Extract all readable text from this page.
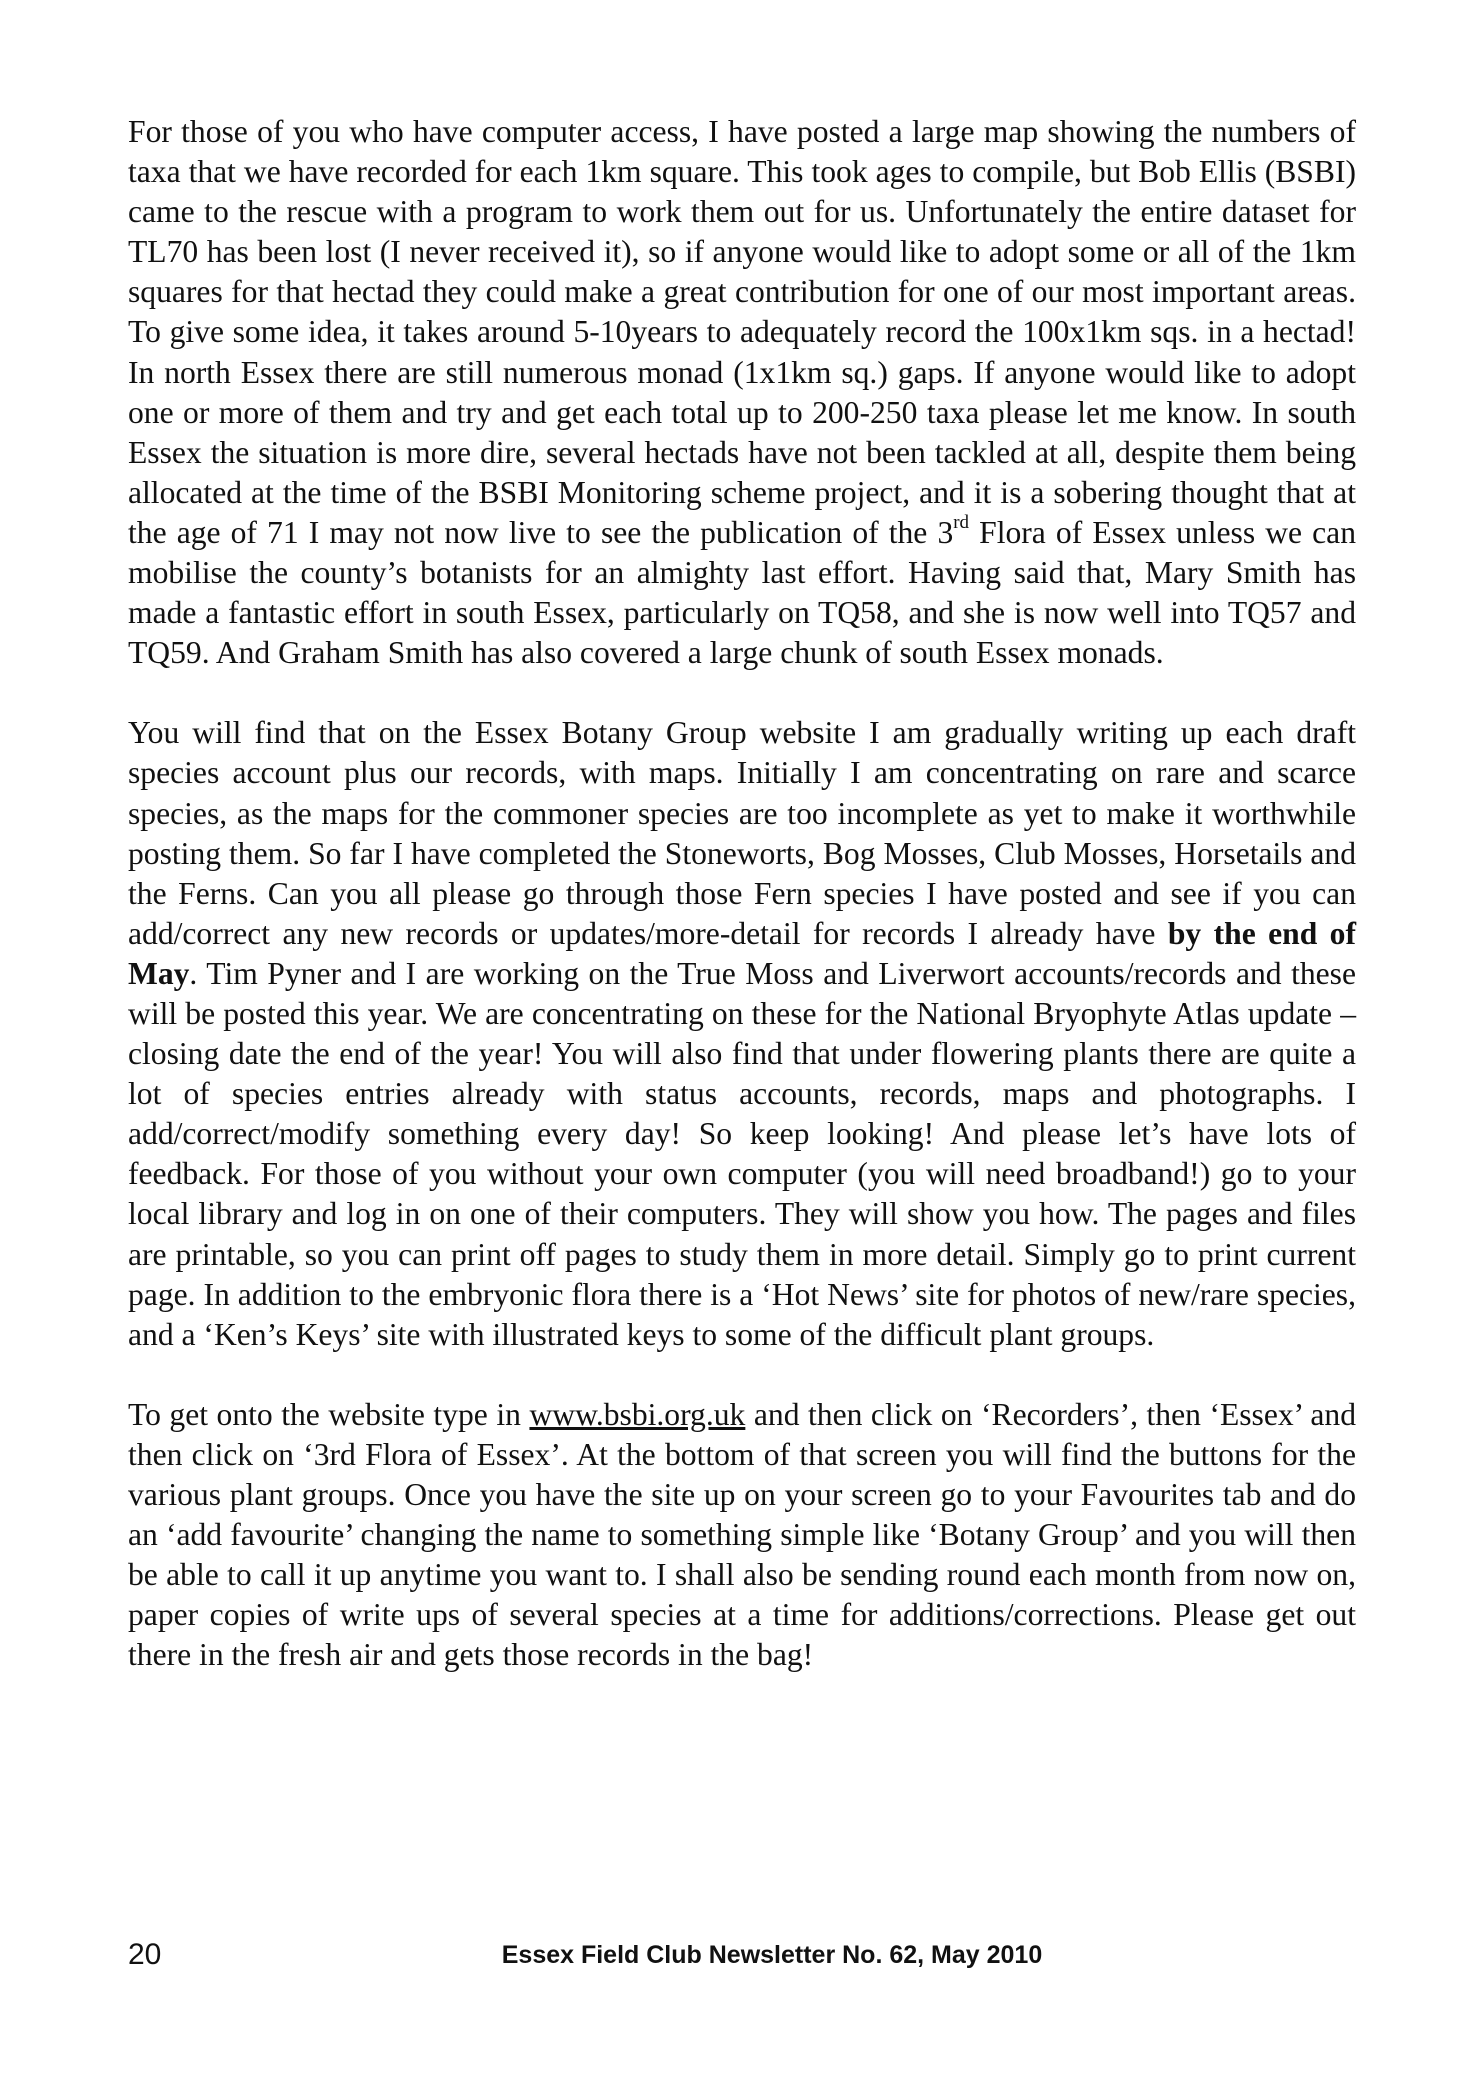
For those of you who have computer access, I have posted a large map showing the numbers of taxa that we have recorded for each 1km square. This took ages to compile, but Bob Ellis (BSBI) came to the rescue with a program to work them out for us. Unfortunately the entire dataset for TL70 has been lost (I never received it), so if anyone would like to adopt some or all of the 1km squares for that hectad they could make a great contribution for one of our most important areas. To give some idea, it takes around 5-10years to adequately record the 100x1km sqs. in a hectad! In north Essex there are still numerous monad (1x1km sq.) gaps. If anyone would like to adopt one or more of them and try and get each total up to 200-250 taxa please let me know. In south Essex the situation is more dire, several hectads have not been tackled at all, despite them being allocated at the time of the BSBI Monitoring scheme project, and it is a sobering thought that at the age of 71 I may not now live to see the publication of the 3rd Flora of Essex unless we can mobilise the county’s botanists for an almighty last effort. Having said that, Mary Smith has made a fantastic effort in south Essex, particularly on TQ58, and she is now well into TQ57 and TQ59. And Graham Smith has also covered a large chunk of south Essex monads.

You will find that on the Essex Botany Group website I am gradually writing up each draft species account plus our records, with maps. Initially I am concentrating on rare and scarce species, as the maps for the commoner species are too incomplete as yet to make it worthwhile posting them. So far I have completed the Stoneworts, Bog Mosses, Club Mosses, Horsetails and the Ferns. Can you all please go through those Fern species I have posted and see if you can add/correct any new records or updates/more-detail for records I already have by the end of May. Tim Pyner and I are working on the True Moss and Liverwort accounts/records and these will be posted this year. We are concentrating on these for the National Bryophyte Atlas update – closing date the end of the year! You will also find that under flowering plants there are quite a lot of species entries already with status accounts, records, maps and photographs. I add/correct/modify something every day! So keep looking! And please let’s have lots of feedback. For those of you without your own computer (you will need broadband!) go to your local library and log in on one of their computers. They will show you how. The pages and files are printable, so you can print off pages to study them in more detail. Simply go to print current page. In addition to the embryonic flora there is a ‘Hot News’ site for photos of new/rare species, and a ‘Ken’s Keys’ site with illustrated keys to some of the difficult plant groups.

To get onto the website type in www.bsbi.org.uk and then click on ‘Recorders’, then ‘Essex’ and then click on ‘3rd Flora of Essex’. At the bottom of that screen you will find the buttons for the various plant groups. Once you have the site up on your screen go to your Favourites tab and do an ‘add favourite’ changing the name to something simple like ‘Botany Group’ and you will then be able to call it up anytime you want to. I shall also be sending round each month from now on, paper copies of write ups of several species at a time for additions/corrections. Please get out there in the fresh air and gets those records in the bag!

20	Essex Field Club Newsletter No. 62, May 2010
